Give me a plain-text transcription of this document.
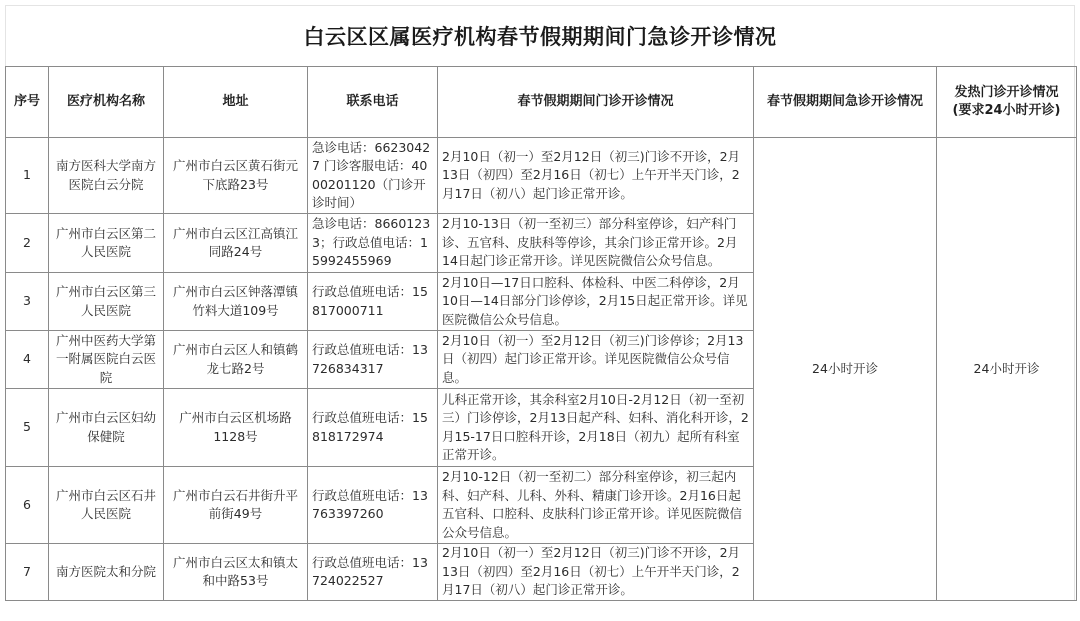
白云区区属医疗机构春节假期期间门急诊开诊情况
序号	医疗机构名称	地址	联系电话	春节假期期间门诊开诊情况	春节假期期间急诊开诊情况	发热门诊开诊情况
(要求24小时开诊)

1	南方医科大学南方医院白云分院	广州市白云区黄石街元下底路23号	急诊电话：66230427 门诊客服电话：4000201120（门诊开诊时间）	2月10日（初一）至2月12日（初三)门诊不开诊，2月13日（初四）至2月16日（初七）上午开半天门诊，2月17日（初八）起门诊正常开诊。	24小时开诊	24小时开诊
2	广州市白云区第二人民医院	广州市白云区江高镇江同路24号	急诊电话：86601233；行政总值电话：15992455969	2月10-13日（初一至初三）部分科室停诊，妇产科门诊、五官科、皮肤科等停诊，其余门诊正常开诊。2月14日起门诊正常开诊。详见医院微信公众号信息。		
3	广州市白云区第三人民医院	广州市白云区钟落潭镇竹料大道109号	行政总值班电话：15817000711	2月10日—17日口腔科、体检科、中医二科停诊，2月10日—14日部分门诊停诊，2月15日起正常开诊。详见医院微信公众号信息。		
4	广州中医药大学第一附属医院白云医院	广州市白云区人和镇鹤龙七路2号	行政总值班电话：13726834317	2月10日（初一）至2月12日（初三)门诊停诊；2月13日（初四）起门诊正常开诊。详见医院微信公众号信息。		
5	广州市白云区妇幼保健院	广州市白云区机场路1128号	行政总值班电话：15818172974	儿科正常开诊，其余科室2月10日-2月12日（初一至初三）门诊停诊，2月13日起产科、妇科、消化科开诊，2月15-17日口腔科开诊，2月18日（初九）起所有科室正常开诊。		
6	广州市白云区石井人民医院	广州市白云石井街升平前街49号	行政总值班电话：13763397260	2月10-12日（初一至初二）部分科室停诊，初三起内科、妇产科、儿科、外科、精康门诊开诊。2月16日起五官科、口腔科、皮肤科门诊正常开诊。详见医院微信公众号信息。		
7	南方医院太和分院	广州市白云区太和镇太和中路53号	行政总值班电话：13724022527	2月10日（初一）至2月12日（初三)门诊不开诊，2月13日（初四）至2月16日（初七）上午开半天门诊，2月17日（初八）起门诊正常开诊。		
